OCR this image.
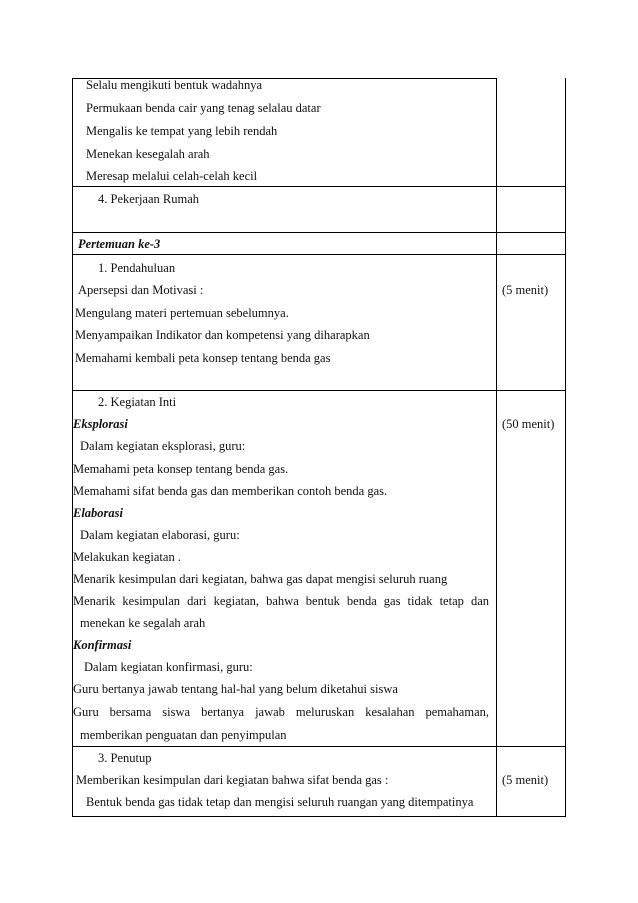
Selalu mengikuti bentuk wadahnya
Permukaan benda cair yang tenag selalau datar
Mengalis ke tempat yang lebih rendah
Menekan kesegalah arah
Meresap melalui celah-celah kecil
4. Pekerjaan Rumah
Pertemuan ke-3
1. Pendahuluan
Apersepsi dan Motivasi :
Mengulang materi pertemuan sebelumnya.
Menyampaikan Indikator dan kompetensi yang diharapkan
Memahami kembali peta konsep tentang benda gas
(5 menit)
2. Kegiatan Inti
(50 menit)
Eksplorasi
Dalam kegiatan eksplorasi, guru:
Memahami peta konsep tentang benda gas.
Memahami sifat benda gas dan memberikan contoh benda gas.
Elaborasi
Dalam kegiatan elaborasi, guru:
Melakukan kegiatan .
Menarik kesimpulan dari kegiatan, bahwa gas dapat mengisi seluruh ruang
Menarik kesimpulan dari kegiatan, bahwa bentuk benda gas tidak tetap dan
menekan ke segalah arah
Konfirmasi
Dalam kegiatan konfirmasi, guru:
Guru bertanya jawab tentang hal-hal yang belum diketahui siswa
Guru bersama siswa bertanya jawab meluruskan kesalahan pemahaman,
memberikan penguatan dan penyimpulan
3. Penutup
Memberikan kesimpulan dari kegiatan bahwa sifat benda gas :
Bentuk benda gas tidak tetap dan mengisi seluruh ruangan yang ditempatinya
(5 menit)
